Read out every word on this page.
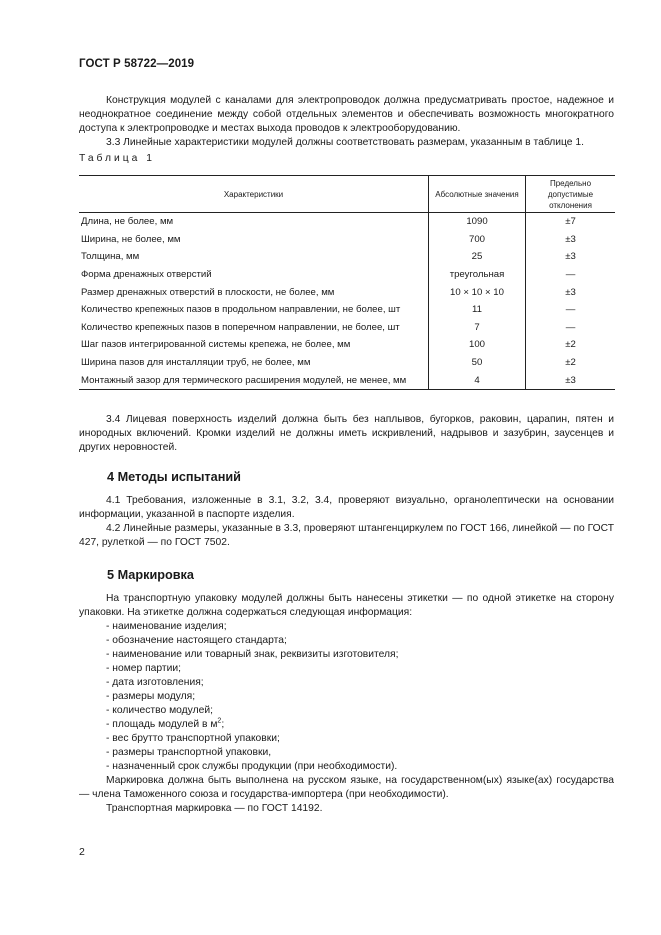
ГОСТ Р 58722—2019
Конструкция модулей с каналами для электропроводок должна предусматривать простое, надежное и неоднократное соединение между собой отдельных элементов и обеспечивать возможность многократного доступа к электропроводке и местах выхода проводов к электрооборудованию.
3.3 Линейные характеристики модулей должны соответствовать размерам, указанным в таблице 1.
Таблица 1
Характеристики	Абсолютные значения	Предельно допустимые отклонения
Длина, не более, мм	1090	±7
Ширина, не более, мм	700	±3
Толщина, мм	25	±3
Форма дренажных отверстий	треугольная	—
Размер дренажных отверстий в плоскости, не более, мм	10 × 10 × 10	±3
Количество крепежных пазов в продольном направлении, не более, шт	11	—
Количество крепежных пазов в поперечном направлении, не более, шт	7	—
Шаг пазов интегрированной системы крепежа, не более, мм	100	±2
Ширина пазов для инсталляции труб, не более, мм	50	±2
Монтажный зазор для термического расширения модулей, не менее, мм	4	±3
3.4 Лицевая поверхность изделий должна быть без наплывов, бугорков, раковин, царапин, пятен и инородных включений. Кромки изделий не должны иметь искривлений, надрывов и зазубрин, заусенцев и других неровностей.
4 Методы испытаний
4.1 Требования, изложенные в 3.1, 3.2, 3.4, проверяют визуально, органолептически на основании информации, указанной в паспорте изделия.
4.2 Линейные размеры, указанные в 3.3, проверяют штангенциркулем по ГОСТ 166, линейкой — по ГОСТ 427, рулеткой — по ГОСТ 7502.
5 Маркировка
На транспортную упаковку модулей должны быть нанесены этикетки — по одной этикетке на сторону упаковки. На этикетке должна содержаться следующая информация:
- наименование изделия;
- обозначение настоящего стандарта;
- наименование или товарный знак, реквизиты изготовителя;
- номер партии;
- дата изготовления;
- размеры модуля;
- количество модулей;
- площадь модулей в $м^2$;
- вес брутто транспортной упаковки;
- размеры транспортной упаковки,
- назначенный срок службы продукции (при необходимости).
Маркировка должна быть выполнена на русском языке, на государственном(ых) языке(ах) государства — члена Таможенного союза и государства-импортера (при необходимости).
Транспортная маркировка — по ГОСТ 14192.
2
